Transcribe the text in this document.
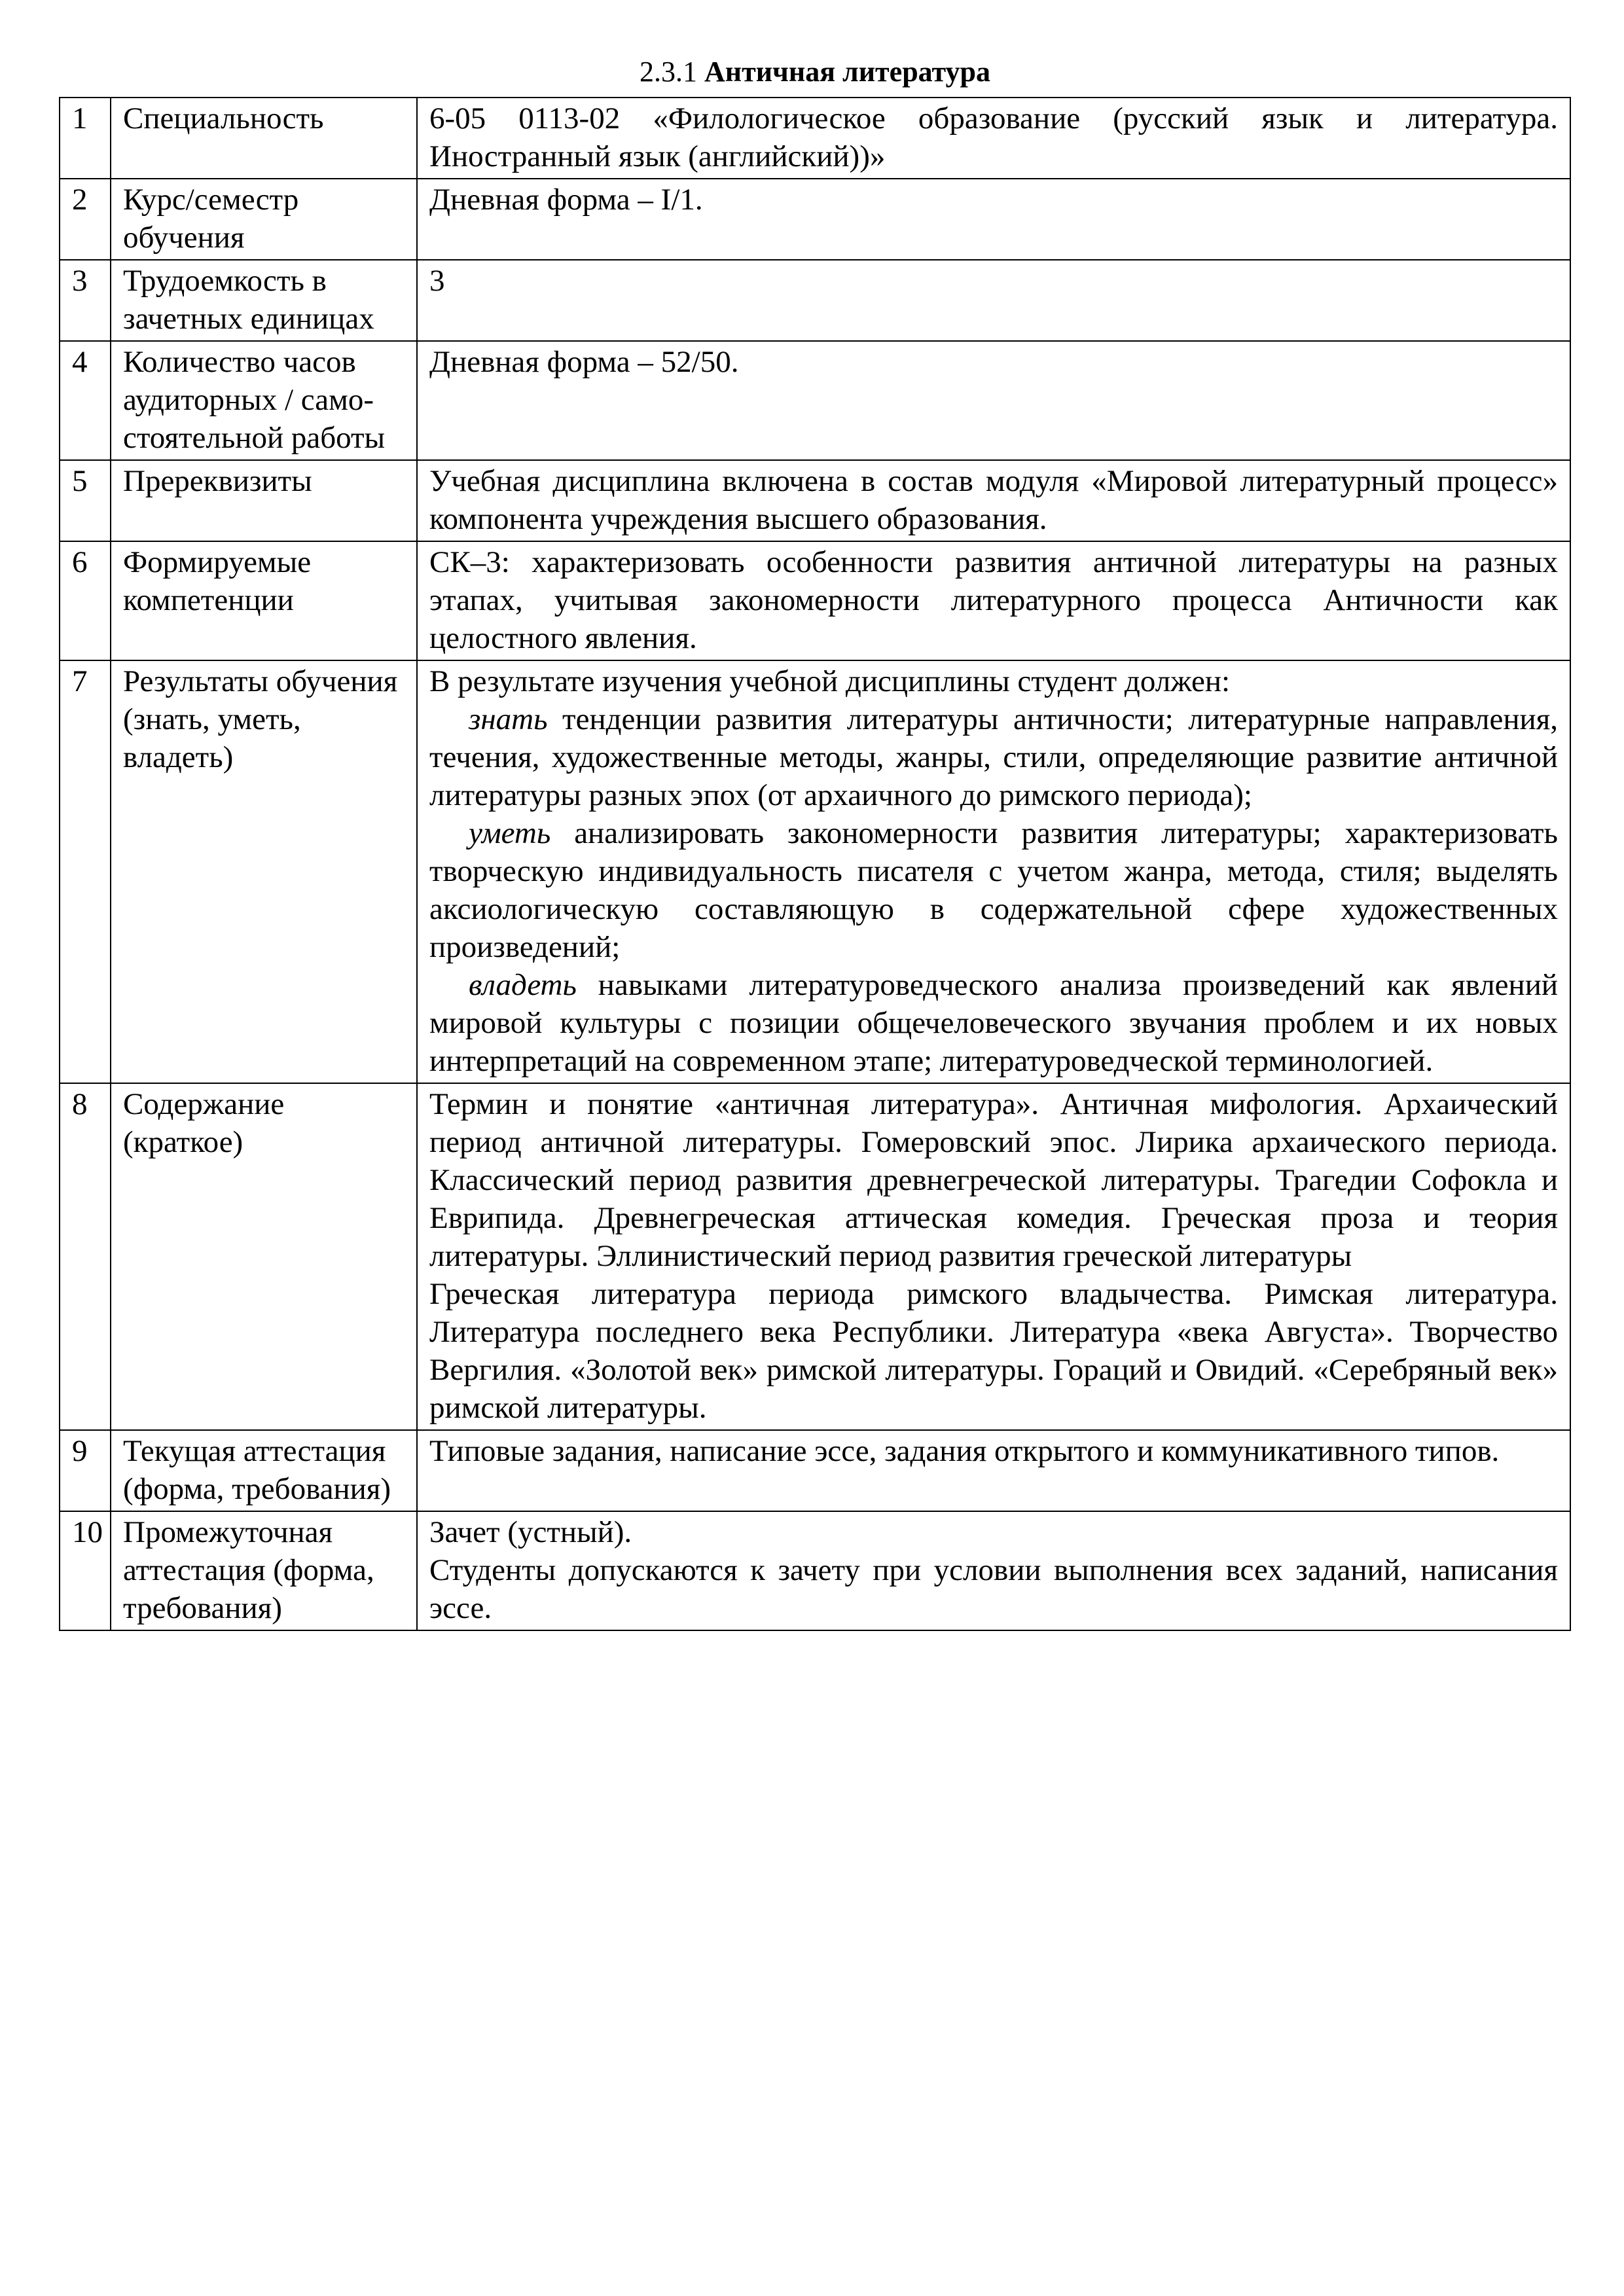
2.3.1 Античная литература
1	Специальность	6-05 0113-02 «Филологическое образование (русский язык и литература. Иностранный язык (английский))»

2	Курс/семестр обучения	Дневная форма – I/1.

3	Трудоемкость в зачетных единицах	3

4	Количество часов аудиторных / само-стоятельной работы	Дневная форма – 52/50.

5	Пререквизиты	Учебная дисциплина включена в состав модуля «Мировой литературный процесс» компонента учреждения высшего образования.

6	Формируемые компетенции	СК–3: характеризовать особенности развития античной литературы на разных этапах, учитывая закономерности литературного процесса Античности как целостного явления.

7	Результаты обучения (знать, уметь, владеть)	В результате изучения учебной дисциплины студент должен:

знать тенденции развития литературы античности; литературные направления, течения, художественные методы, жанры, стили, определяющие развитие античной литературы разных эпох (от архаичного до римского периода);

уметь анализировать закономерности развития литературы; характеризовать творческую индивидуальность писателя с учетом жанра, метода, стиля; выделять аксиологическую составляющую в содержательной сфере художественных произведений;

владеть навыками литературоведческого анализа произведений как явлений мировой культуры с позиции общечеловеческого звучания проблем и их новых интерпретаций на современном этапе; литературоведческой терминологией.

8	Содержание (краткое)	Термин и понятие «античная литература». Античная мифология. Архаический период античной литературы. Гомеровский эпос. Лирика архаического периода. Классический период развития древнегреческой литературы. Трагедии Софокла и Еврипида. Древнегреческая аттическая комедия. Греческая проза и теория литературы. Эллинистический период развития греческой литературы

Греческая литература периода римского владычества. Римская литература. Литература последнего века Республики. Литература «века Августа». Творчество Вергилия. «Золотой век» римской литературы. Гораций и Овидий. «Серебряный век» римской литературы.

9	Текущая аттестация (форма, требования)	Типовые задания, написание эссе, задания открытого и коммуникативного типов.

10	Промежуточная аттестация (форма, требования)	Зачет (устный).

Студенты допускаются к зачету при условии выполнения всех заданий, написания эссе.
